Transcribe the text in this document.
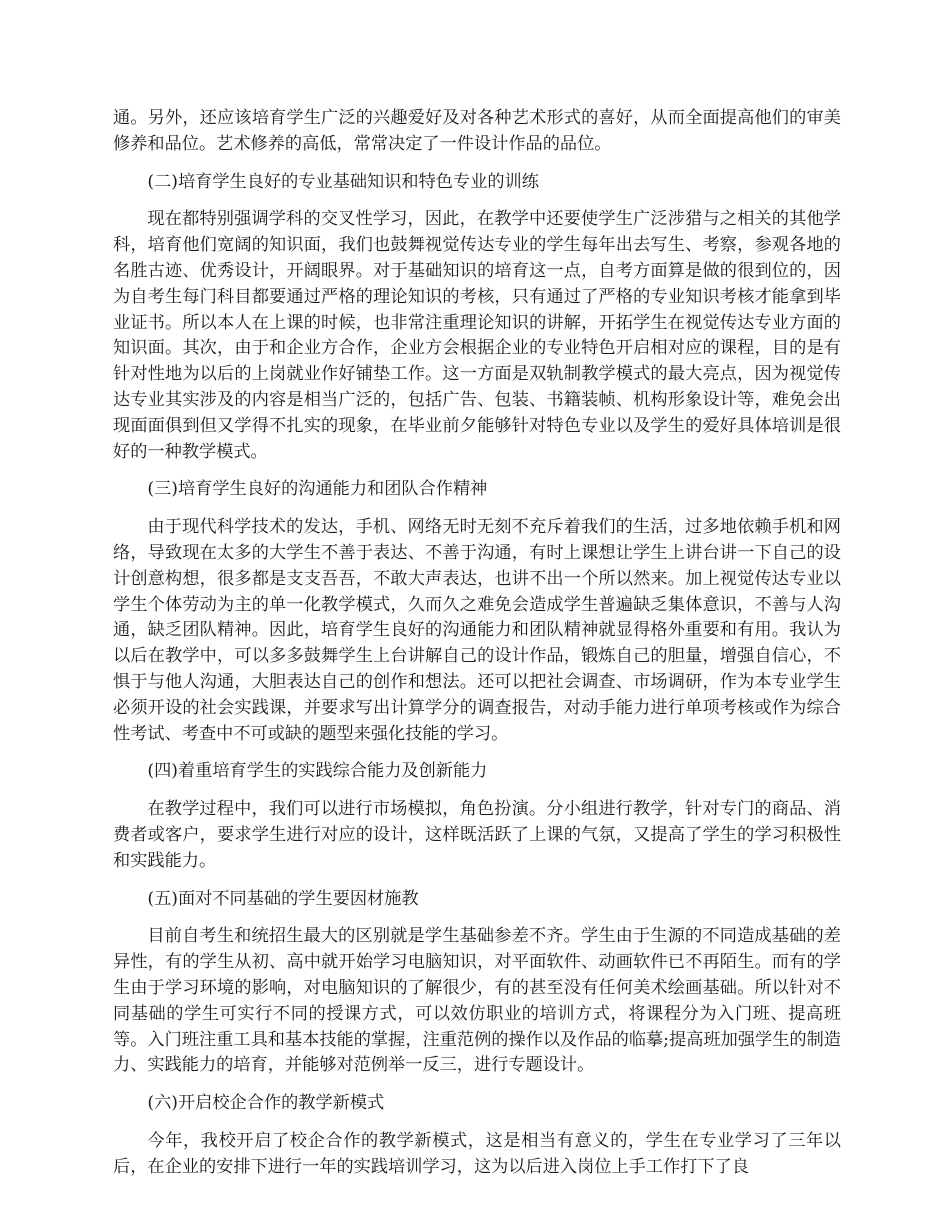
通。另外，还应该培育学生广泛的兴趣爱好及对各种艺术形式的喜好，从而全面提高他们的审美修养和品位。艺术修养的高低，常常决定了一件设计作品的品位。

(二)培育学生良好的专业基础知识和特色专业的训练

现在都特别强调学科的交叉性学习，因此，在教学中还要使学生广泛涉猎与之相关的其他学科，培育他们宽阔的知识面，我们也鼓舞视觉传达专业的学生每年出去写生、考察，参观各地的名胜古迹、优秀设计，开阔眼界。对于基础知识的培育这一点，自考方面算是做的很到位的，因为自考生每门科目都要通过严格的理论知识的考核，只有通过了严格的专业知识考核才能拿到毕业证书。所以本人在上课的时候，也非常注重理论知识的讲解，开拓学生在视觉传达专业方面的知识面。其次，由于和企业方合作，企业方会根据企业的专业特色开启相对应的课程，目的是有针对性地为以后的上岗就业作好铺垫工作。这一方面是双轨制教学模式的最大亮点，因为视觉传达专业其实涉及的内容是相当广泛的，包括广告、包装、书籍装帧、机构形象设计等，难免会出现面面俱到但又学得不扎实的现象，在毕业前夕能够针对特色专业以及学生的爱好具体培训是很好的一种教学模式。

(三)培育学生良好的沟通能力和团队合作精神

由于现代科学技术的发达，手机、网络无时无刻不充斥着我们的生活，过多地依赖手机和网络，导致现在太多的大学生不善于表达、不善于沟通，有时上课想让学生上讲台讲一下自己的设计创意构想，很多都是支支吾吾，不敢大声表达，也讲不出一个所以然来。加上视觉传达专业以学生个体劳动为主的单一化教学模式，久而久之难免会造成学生普遍缺乏集体意识，不善与人沟通，缺乏团队精神。因此，培育学生良好的沟通能力和团队精神就显得格外重要和有用。我认为以后在教学中，可以多多鼓舞学生上台讲解自己的设计作品，锻炼自己的胆量，增强自信心，不惧于与他人沟通，大胆表达自己的创作和想法。还可以把社会调查、市场调研，作为本专业学生必须开设的社会实践课，并要求写出计算学分的调查报告，对动手能力进行单项考核或作为综合性考试、考查中不可或缺的题型来强化技能的学习。

(四)着重培育学生的实践综合能力及创新能力

在教学过程中，我们可以进行市场模拟，角色扮演。分小组进行教学，针对专门的商品、消费者或客户，要求学生进行对应的设计，这样既活跃了上课的气氛，又提高了学生的学习积极性和实践能力。

(五)面对不同基础的学生要因材施教

目前自考生和统招生最大的区别就是学生基础参差不齐。学生由于生源的不同造成基础的差异性，有的学生从初、高中就开始学习电脑知识，对平面软件、动画软件已不再陌生。而有的学生由于学习环境的影响，对电脑知识的了解很少，有的甚至没有任何美术绘画基础。所以针对不同基础的学生可实行不同的授课方式，可以效仿职业的培训方式，将课程分为入门班、提高班等。入门班注重工具和基本技能的掌握，注重范例的操作以及作品的临摹;提高班加强学生的制造力、实践能力的培育，并能够对范例举一反三，进行专题设计。

(六)开启校企合作的教学新模式

今年，我校开启了校企合作的教学新模式，这是相当有意义的，学生在专业学习了三年以后，在企业的安排下进行一年的实践培训学习，这为以后进入岗位上手工作打下了良
